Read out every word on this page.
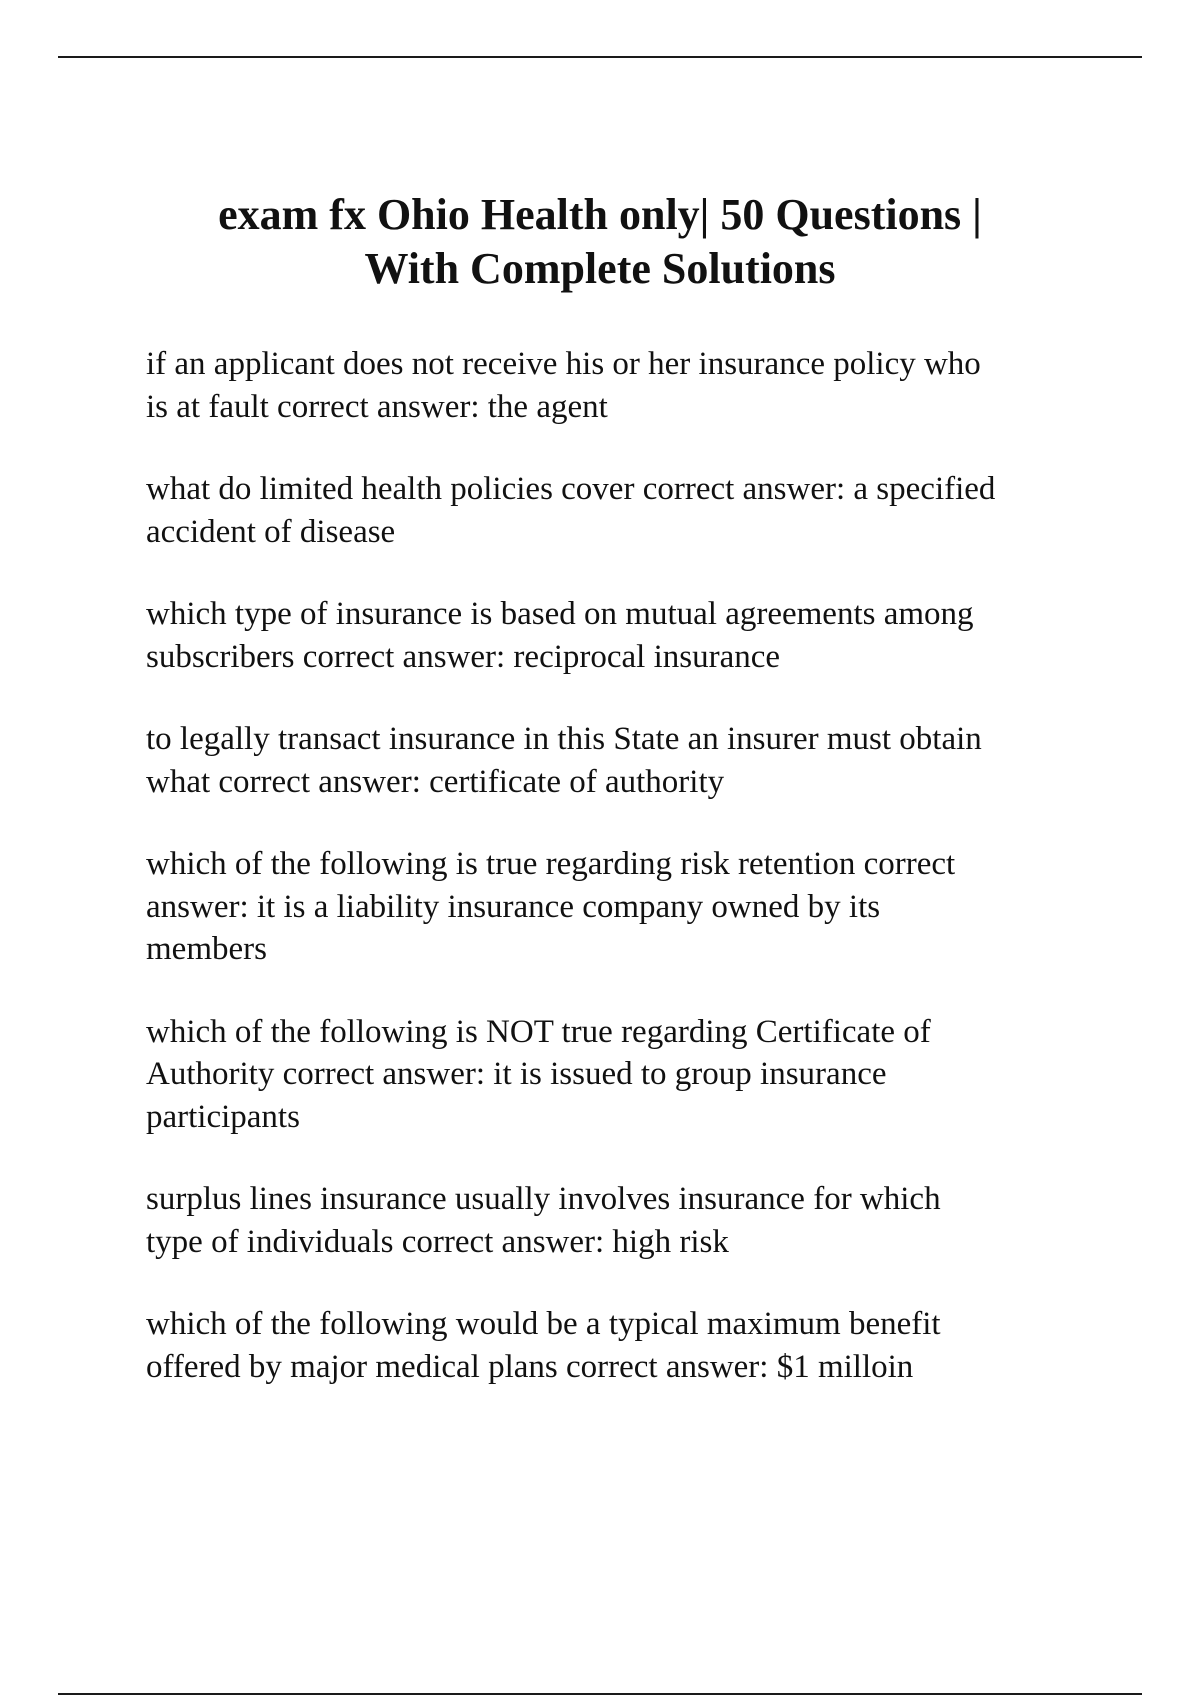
exam fx Ohio Health only| 50 Questions |
With Complete Solutions

if an applicant does not receive his or her insurance policy who
is at fault correct answer: the agent

what do limited health policies cover correct answer: a specified
accident of disease

which type of insurance is based on mutual agreements among
subscribers correct answer: reciprocal insurance

to legally transact insurance in this State an insurer must obtain
what correct answer: certificate of authority

which of the following is true regarding risk retention correct
answer: it is a liability insurance company owned by its
members

which of the following is NOT true regarding Certificate of
Authority correct answer: it is issued to group insurance
participants

surplus lines insurance usually involves insurance for which
type of individuals correct answer: high risk

which of the following would be a typical maximum benefit
offered by major medical plans correct answer: $1 milloin
